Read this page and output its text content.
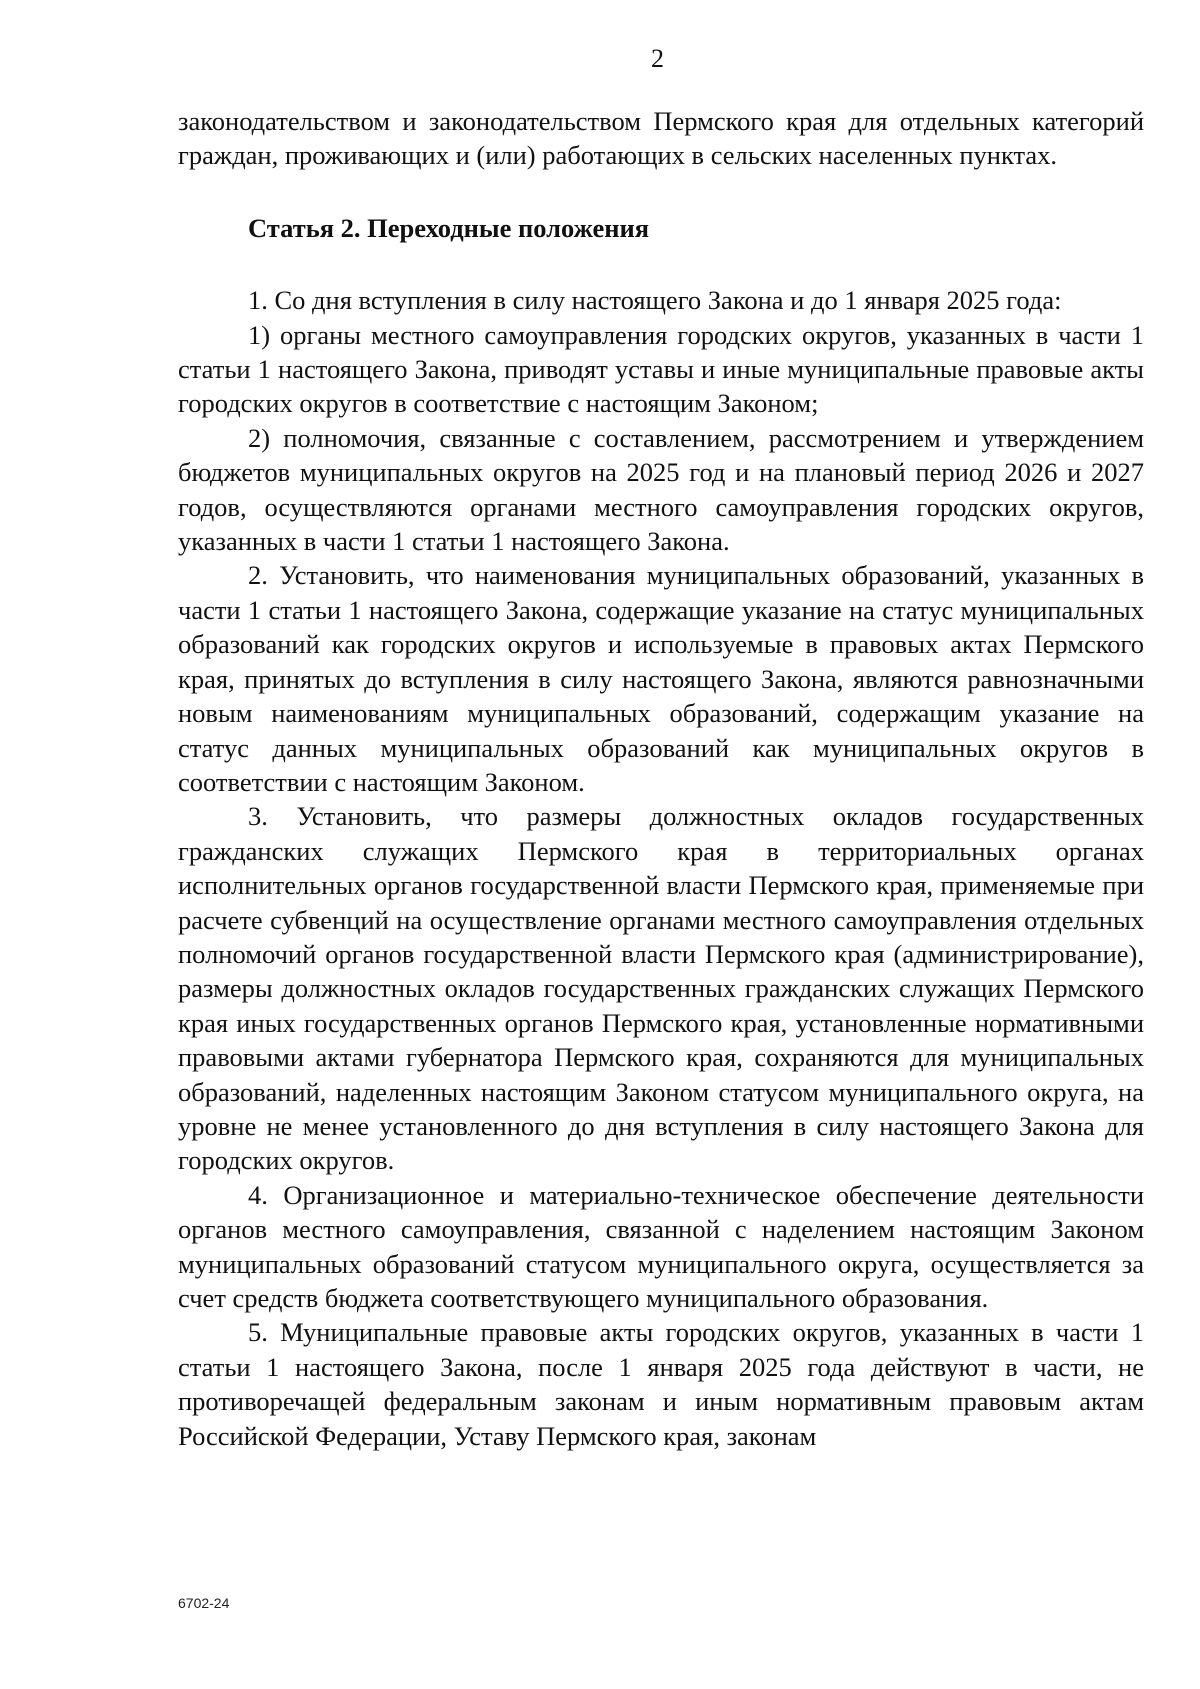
2

законодательством и законодательством Пермского края для отдельных категорий граждан, проживающих и (или) работающих в сельских населенных пунктах.

Статья 2. Переходные положения

1. Со дня вступления в силу настоящего Закона и до 1 января 2025 года:

1) органы местного самоуправления городских округов, указанных в части 1 статьи 1 настоящего Закона, приводят уставы и иные муниципальные правовые акты городских округов в соответствие с настоящим Законом;

2) полномочия, связанные с составлением, рассмотрением и утверждением бюджетов муниципальных округов на 2025 год и на плановый период 2026 и 2027 годов, осуществляются органами местного самоуправления городских округов, указанных в части 1 статьи 1 настоящего Закона.

2. Установить, что наименования муниципальных образований, указанных в части 1 статьи 1 настоящего Закона, содержащие указание на статус муниципальных образований как городских округов и используемые в правовых актах Пермского края, принятых до вступления в силу настоящего Закона, являются равнозначными новым наименованиям муниципальных образований, содержащим указание на статус данных муниципальных образований как муниципальных округов в соответствии с настоящим Законом.

3. Установить, что размеры должностных окладов государственных гражданских служащих Пермского края в территориальных органах исполнительных органов государственной власти Пермского края, применяемые при расчете субвенций на осуществление органами местного самоуправления отдельных полномочий органов государственной власти Пермского края (администрирование), размеры должностных окладов государственных гражданских служащих Пермского края иных государственных органов Пермского края, установленные нормативными правовыми актами губернатора Пермского края, сохраняются для муниципальных образований, наделенных настоящим Законом статусом муниципального округа, на уровне не менее установленного до дня вступления в силу настоящего Закона для городских округов.

4. Организационное и материально-техническое обеспечение деятельности органов местного самоуправления, связанной с наделением настоящим Законом муниципальных образований статусом муниципального округа, осуществляется за счет средств бюджета соответствующего муниципального образования.

5. Муниципальные правовые акты городских округов, указанных в части 1 статьи 1 настоящего Закона, после 1 января 2025 года действуют в части, не противоречащей федеральным законам и иным нормативным правовым актам Российской Федерации, Уставу Пермского края, законам

6702-24
